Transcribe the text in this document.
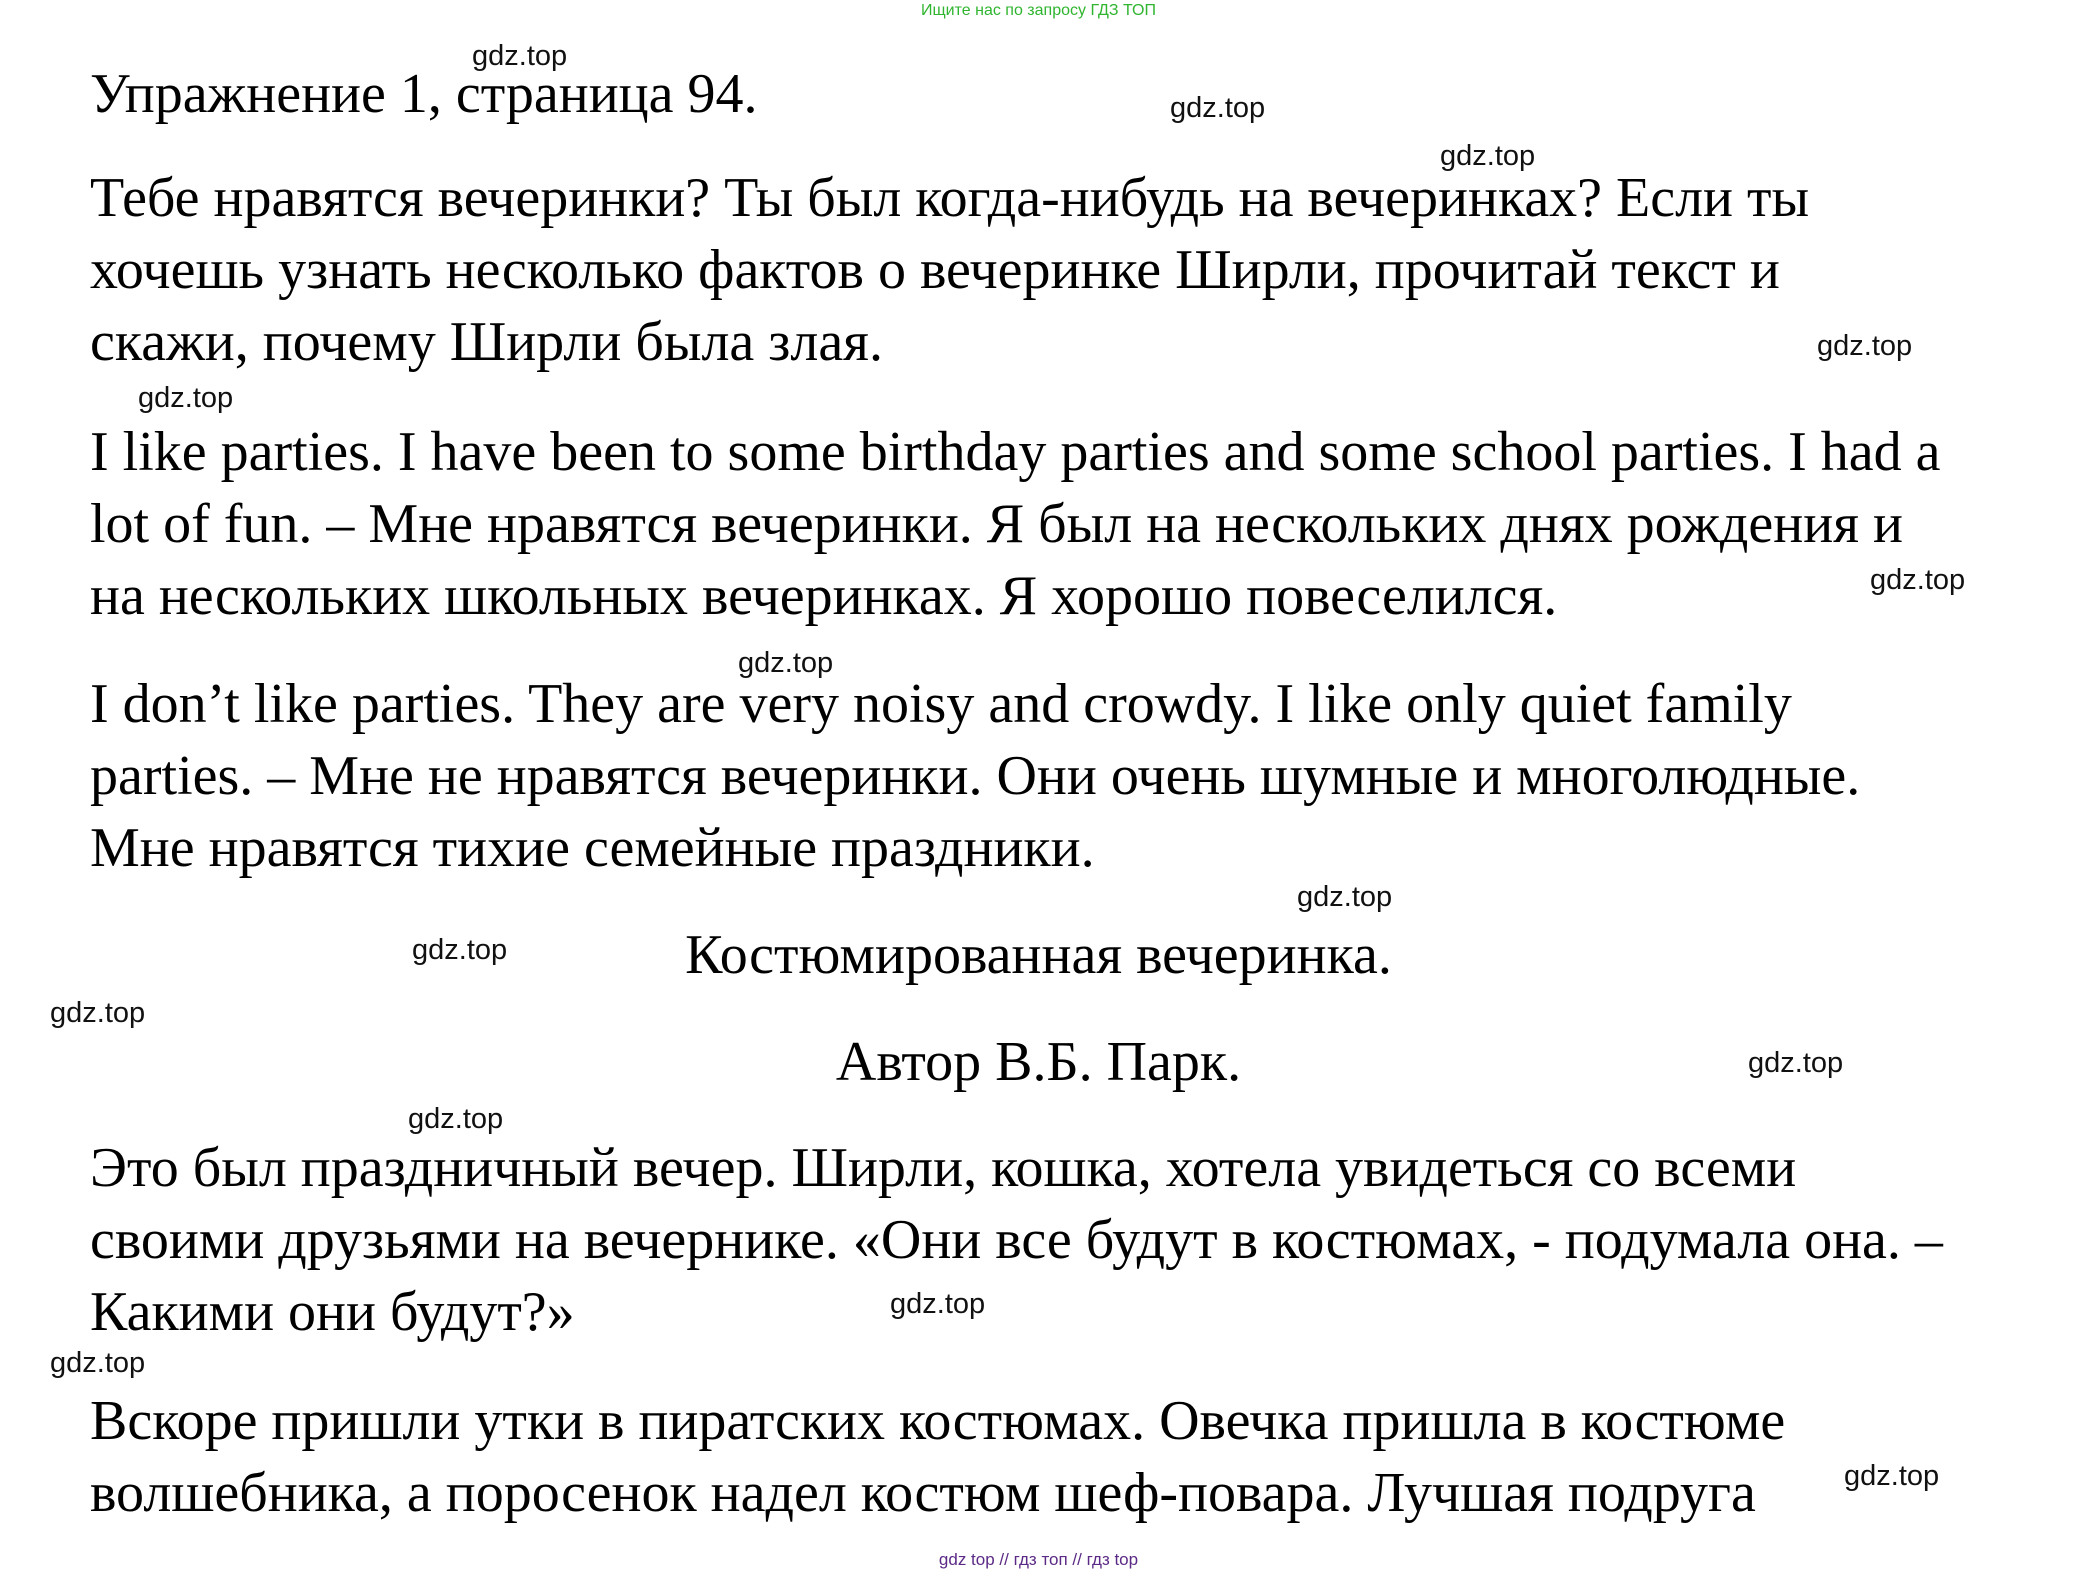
Ищите нас по запросу ГДЗ ТОП
gdz.top
gdz.top
gdz.top
gdz.top
gdz.top
gdz.top
gdz.top
gdz.top
gdz.top
gdz.top
gdz.top
gdz.top
gdz.top
gdz.top
gdz.top
Упражнение 1, страница 94.

Тебе нравятся вечеринки? Ты был когда-нибудь на вечеринках? Если ты
хочешь узнать несколько фактов о вечеринке Ширли, прочитай текст и
скажи, почему Ширли была злая.

I like parties. I have been to some birthday parties and some school parties. I had a
lot of fun. – Мне нравятся вечеринки. Я был на нескольких днях рождения и
на нескольких школьных вечеринках. Я хорошо повеселился.

I don’t like parties. They are very noisy and crowdy. I like only quiet family
parties. – Мне не нравятся вечеринки. Они очень шумные и многолюдные.
Мне нравятся тихие семейные праздники.

Костюмированная вечеринка.
Автор В.Б. Парк.

Это был праздничный вечер. Ширли, кошка, хотела увидеться со всеми
своими друзьями на вечернике. «Они все будут в костюмах, - подумала она. –
Какими они будут?»

Вскоре пришли утки в пиратских костюмах. Овечка пришла в костюме
волшебника, а поросенок надел костюм шеф-повара. Лучшая подруга

gdz top // гдз топ // гдз top
